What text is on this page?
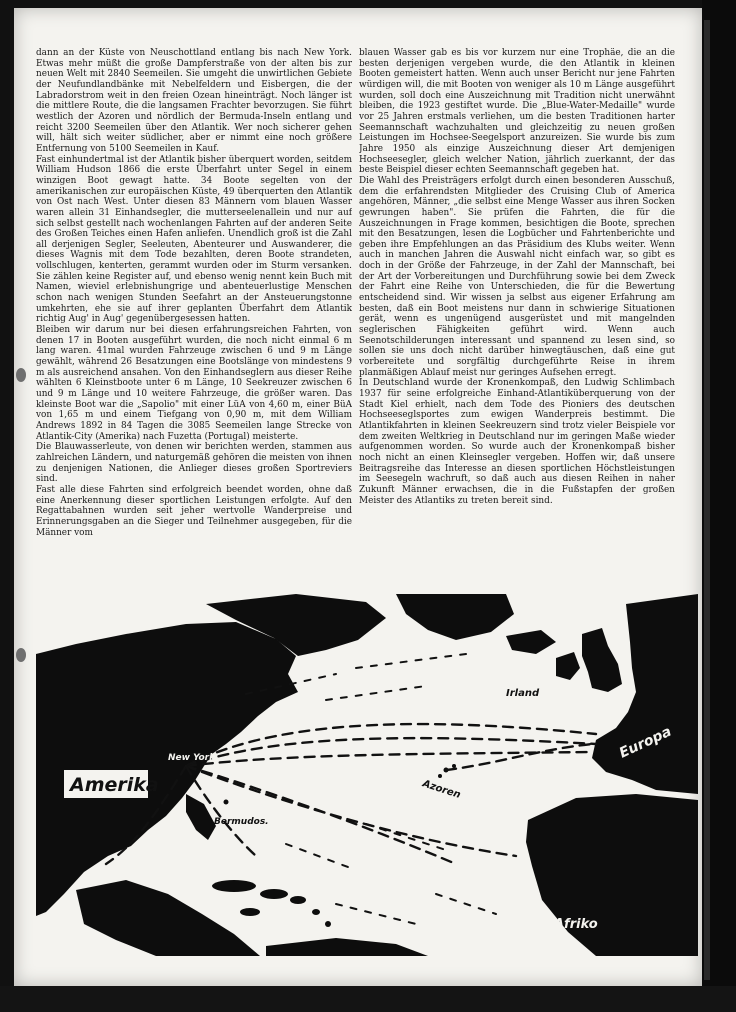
dann an der Küste von Neuschottland entlang bis nach New York. Etwas mehr müßt die große Dampferstraße von der alten bis zur neuen Welt mit 2840 Seemeilen. Sie umgeht die unwirtlichen Gebiete der Neufundlandbänke mit Nebelfeldern und Eisbergen, die der Labradorstrom weit in den freien Ozean hineinträgt. Noch länger ist die mittlere Route, die die langsamen Frachter bevorzugen. Sie führt westlich der Azoren und nördlich der Bermuda-Inseln entlang und reicht 3200 Seemeilen über den Atlantik. Wer noch sicherer gehen will, hält sich weiter südlicher, aber er nimmt eine noch größere Entfernung von 5100 Seemeilen in Kauf.

Fast einhundertmal ist der Atlantik bisher überquert worden, seitdem William Hudson 1866 die erste Überfahrt unter Segel in einem winzigen Boot gewagt hatte. 34 Boote segelten von der amerikanischen zur europäischen Küste, 49 überquerten den Atlantik von Ost nach West. Unter diesen 83 Männern vom blauen Wasser waren allein 31 Einhandsegler, die mutterseelenallein und nur auf sich selbst gestellt nach wochenlangen Fahrten auf der anderen Seite des Großen Teiches einen Hafen anliefen. Unendlich groß ist die Zahl all derjenigen Segler, Seeleuten, Abenteurer und Auswanderer, die dieses Wagnis mit dem Tode bezahlten, deren Boote strandeten, vollschlugen, kenterten, gerammt wurden oder im Sturm versanken. Sie zählen keine Register auf, und ebenso wenig nennt kein Buch mit Namen, wieviel erlebnishungrige und abenteuerlustige Menschen schon nach wenigen Stunden Seefahrt an der Ansteuerungstonne umkehrten, ehe sie auf ihrer geplanten Überfahrt dem Atlantik richtig Aug' in Aug' gegenübergesessen hatten.

Bleiben wir darum nur bei diesen erfahrungsreichen Fahrten, von denen 17 in Booten ausgeführt wurden, die noch nicht einmal 6 m lang waren. 41mal wurden Fahrzeuge zwischen 6 und 9 m Länge gewählt, während 26 Besatzungen eine Bootslänge von mindestens 9 m als ausreichend ansahen. Von den Einhandseglern aus dieser Reihe wählten 6 Kleinstboote unter 6 m Länge, 10 Seekreuzer zwischen 6 und 9 m Länge und 10 weitere Fahrzeuge, die größer waren. Das kleinste Boot war die „Sapolio" mit einer LüA von 4,60 m, einer BüA von 1,65 m und einem Tiefgang von 0,90 m, mit dem William Andrews 1892 in 84 Tagen die 3085 Seemeilen lange Strecke von Atlantik-City (Amerika) nach Fuzetta (Portugal) meisterte.

Die Blauwasserleute, von denen wir berichten werden, stammen aus zahlreichen Ländern, und naturgemäß gehören die meisten von ihnen zu denjenigen Nationen, die Anlieger dieses großen Sportreviers sind.

Fast alle diese Fahrten sind erfolgreich beendet worden, ohne daß eine Anerkennung dieser sportlichen Leistungen erfolgte. Auf den Regattabahnen wurden seit jeher wertvolle Wanderpreise und Erinnerungsgaben an die Sieger und Teilnehmer ausgegeben, für die Männer vom

blauen Wasser gab es bis vor kurzem nur eine Trophäe, die an die besten derjenigen vergeben wurde, die den Atlantik in kleinen Booten gemeistert hatten. Wenn auch unser Bericht nur jene Fahrten würdigen will, die mit Booten von weniger als 10 m Länge ausgeführt wurden, soll doch eine Auszeichnung mit Tradition nicht unerwähnt bleiben, die 1923 gestiftet wurde. Die „Blue-Water-Medaille" wurde vor 25 Jahren erstmals verliehen, um die besten Traditionen harter Seemannschaft wachzuhalten und gleichzeitig zu neuen großen Leistungen im Hochsee-Seegelsport anzureizen. Sie wurde bis zum Jahre 1950 als einzige Auszeichnung dieser Art demjenigen Hochseesegler, gleich welcher Nation, jährlich zuerkannt, der das beste Beispiel dieser echten Seemannschaft gegeben hat.

Die Wahl des Preisträgers erfolgt durch einen besonderen Ausschuß, dem die erfahrendsten Mitglieder des Cruising Club of America angehören, Männer, „die selbst eine Menge Wasser aus ihren Socken gewrungen haben". Sie prüfen die Fahrten, die für die Auszeichnungen in Frage kommen, besichtigen die Boote, sprechen mit den Besatzungen, lesen die Logbücher und Fahrtenberichte und geben ihre Empfehlungen an das Präsidium des Klubs weiter. Wenn auch in manchen Jahren die Auswahl nicht einfach war, so gibt es doch in der Größe der Fahrzeuge, in der Zahl der Mannschaft, bei der Art der Vorbereitungen und Durchführung sowie bei dem Zweck der Fahrt eine Reihe von Unterschieden, die für die Bewertung entscheidend sind. Wir wissen ja selbst aus eigener Erfahrung am besten, daß ein Boot meistens nur dann in schwierige Situationen gerät, wenn es ungenügend ausgerüstet und mit mangelnden seglerischen Fähigkeiten geführt wird. Wenn auch Seenotschilderungen interessant und spannend zu lesen sind, so sollen sie uns doch nicht darüber hinwegtäuschen, daß eine gut vorbereitete und sorgfältig durchgeführte Reise in ihrem planmäßigen Ablauf meist nur geringes Aufsehen erregt.

In Deutschland wurde der Kronenkompaß, den Ludwig Schlimbach 1937 für seine erfolgreiche Einhand-Atlantiküberquerung von der Stadt Kiel erhielt, nach dem Tode des Pioniers des deutschen Hochseeseglsportes zum ewigen Wanderpreis bestimmt. Die Atlantikfahrten in kleinen Seekreuzern sind trotz vieler Beispiele vor dem zweiten Weltkrieg in Deutschland nur im geringen Maße wieder aufgenommen worden. So wurde auch der Kronenkompaß bisher noch nicht an einen Kleinsegler vergeben. Hoffen wir, daß unsere Beitragsreihe das Interesse an diesen sportlichen Höchstleistungen im Seesegeln wachruft, so daß auch aus diesen Reihen in naher Zukunft Männer erwachsen, die in die Fußstapfen der großen Meister des Atlantiks zu treten bereit sind.

Amerika
New York
Bermudos.
Irland
Europa
Azoren
Afriko
